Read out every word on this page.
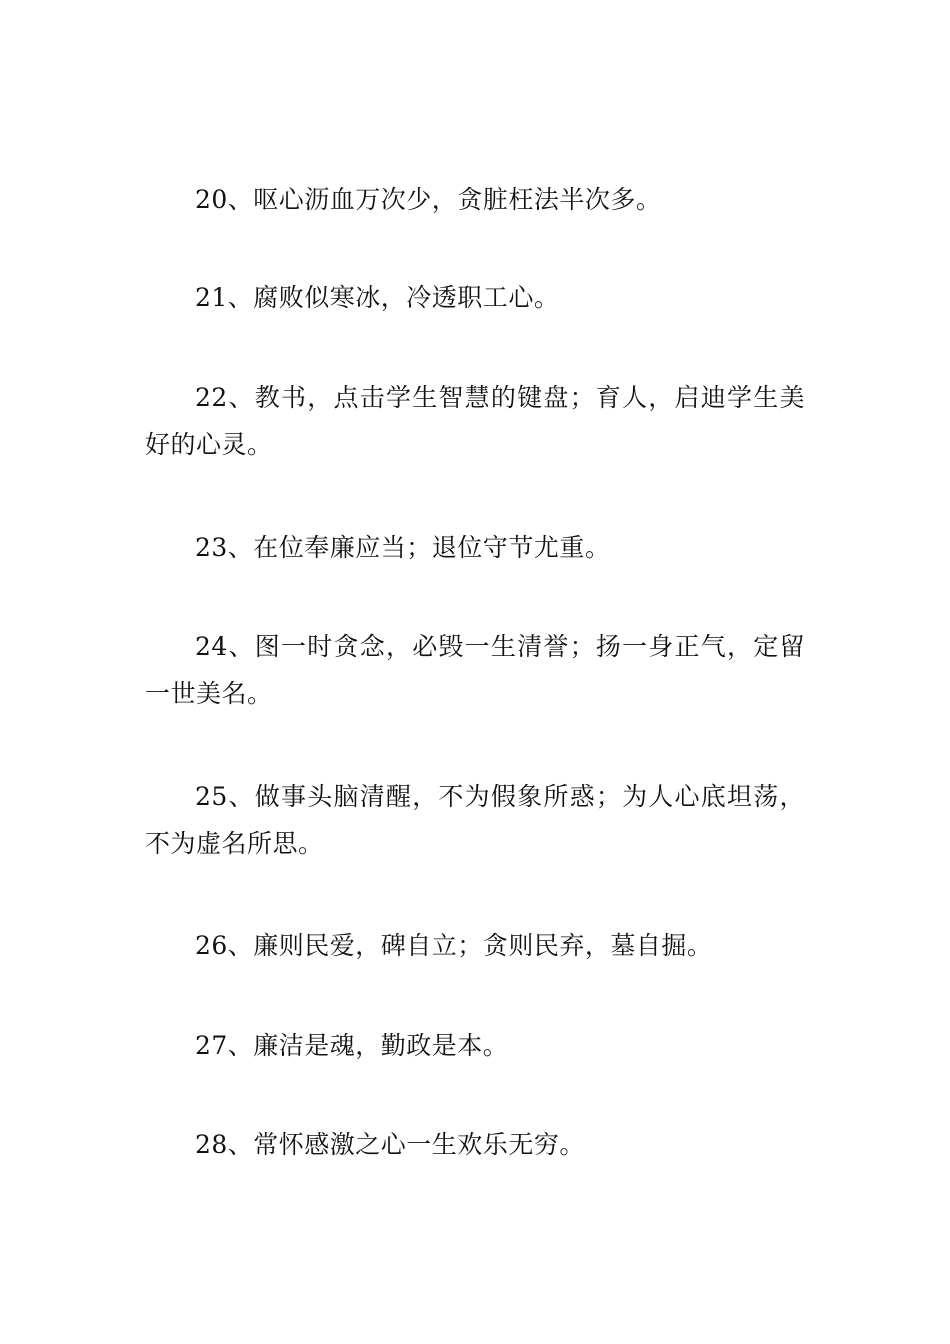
20、呕心沥血万次少，贪脏枉法半次多。

21、腐败似寒冰，冷透职工心。

22、教书，点击学生智慧的键盘；育人，启迪学生美好的心灵。

23、在位奉廉应当；退位守节尤重。

24、图一时贪念，必毁一生清誉；扬一身正气，定留一世美名。

25、做事头脑清醒，不为假象所惑；为人心底坦荡，不为虚名所思。

26、廉则民爱，碑自立；贪则民弃，墓自掘。

27、廉洁是魂，勤政是本。

28、常怀感激之心一生欢乐无穷。
